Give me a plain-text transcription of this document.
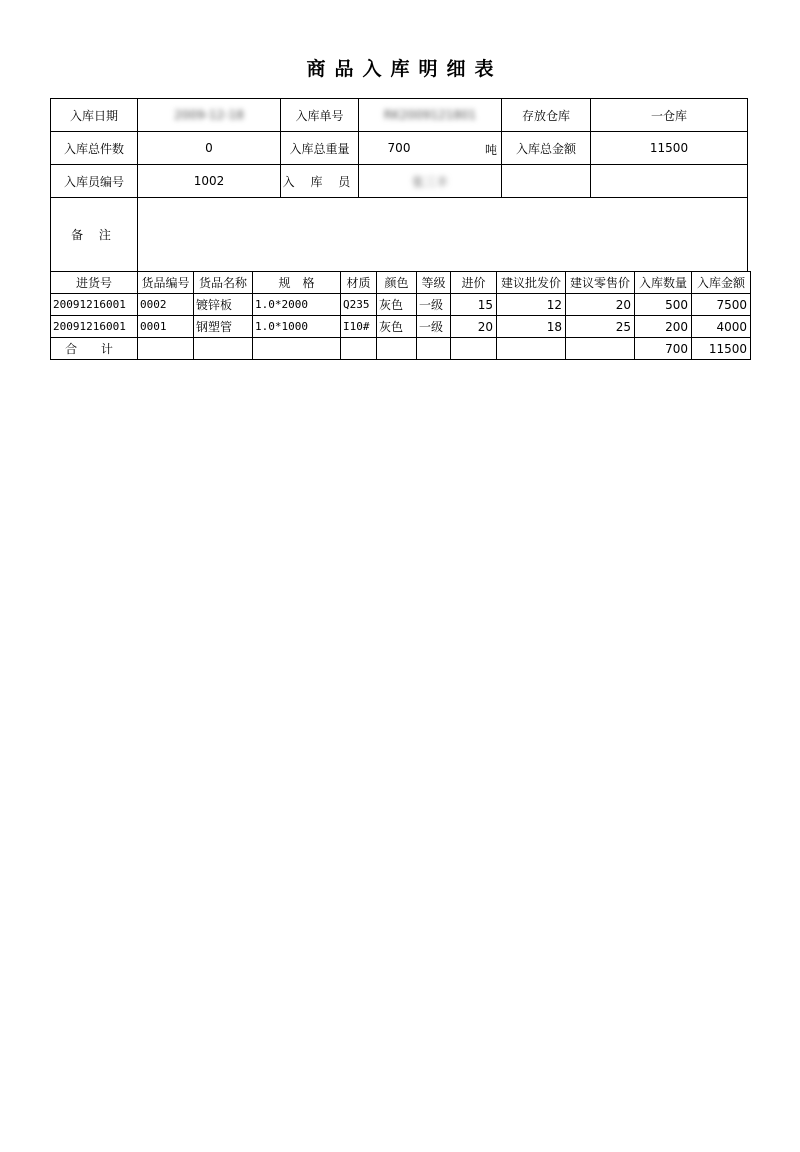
商品入库明细表
入库日期	2009-12-18	入库单号	RK2009121801	存放仓库	一仓库
入库总件数	0	入库总重量	700 吨	入库总金额	11500
入库员编号	1002	入 库 员	张三丰		
备 注					
进货号	货品编号	货品名称	规　格	材质	颜色	等级	进价	建议批发价	建议零售价	入库数量	入库金额
20091216001	0002	镀锌板	1.0*2000	Q235	灰色	一级	15	12	20	500	7500
20091216001	0001	钢塑管	1.0*1000	I10#	灰色	一级	20	18	25	200	4000
合 计										700	11500
